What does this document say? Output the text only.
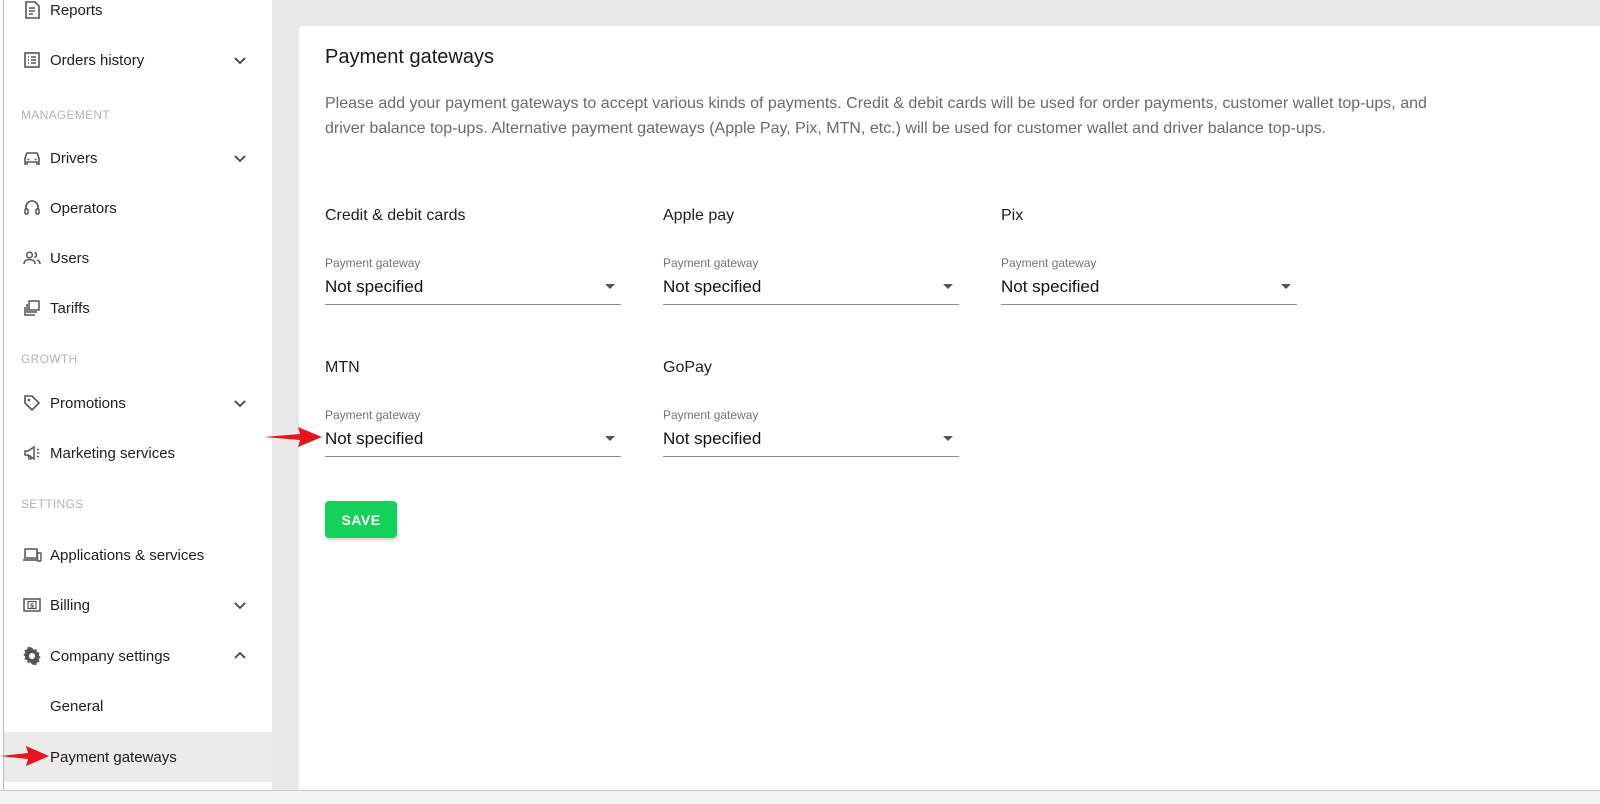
Reports
Orders history
MANAGEMENT
Drivers
Operators
Users
Tariffs
GROWTH
Promotions
Marketing services
SETTINGS
Applications & services
$ Billing
Company settings
General
Payment gateways
Payment gateways

Please add your payment gateways to accept various kinds of payments. Credit & debit cards will be used for order payments, customer wallet top-ups, and driver balance top-ups. Alternative payment gateways (Apple Pay, Pix, MTN, etc.) will be used for customer wallet and driver balance top-ups.

Credit & debit cards
Payment gateway
Not specified
Apple pay
Payment gateway
Not specified
Pix
Payment gateway
Not specified
MTN
Payment gateway
Not specified
GoPay
Payment gateway
Not specified
SAVE
